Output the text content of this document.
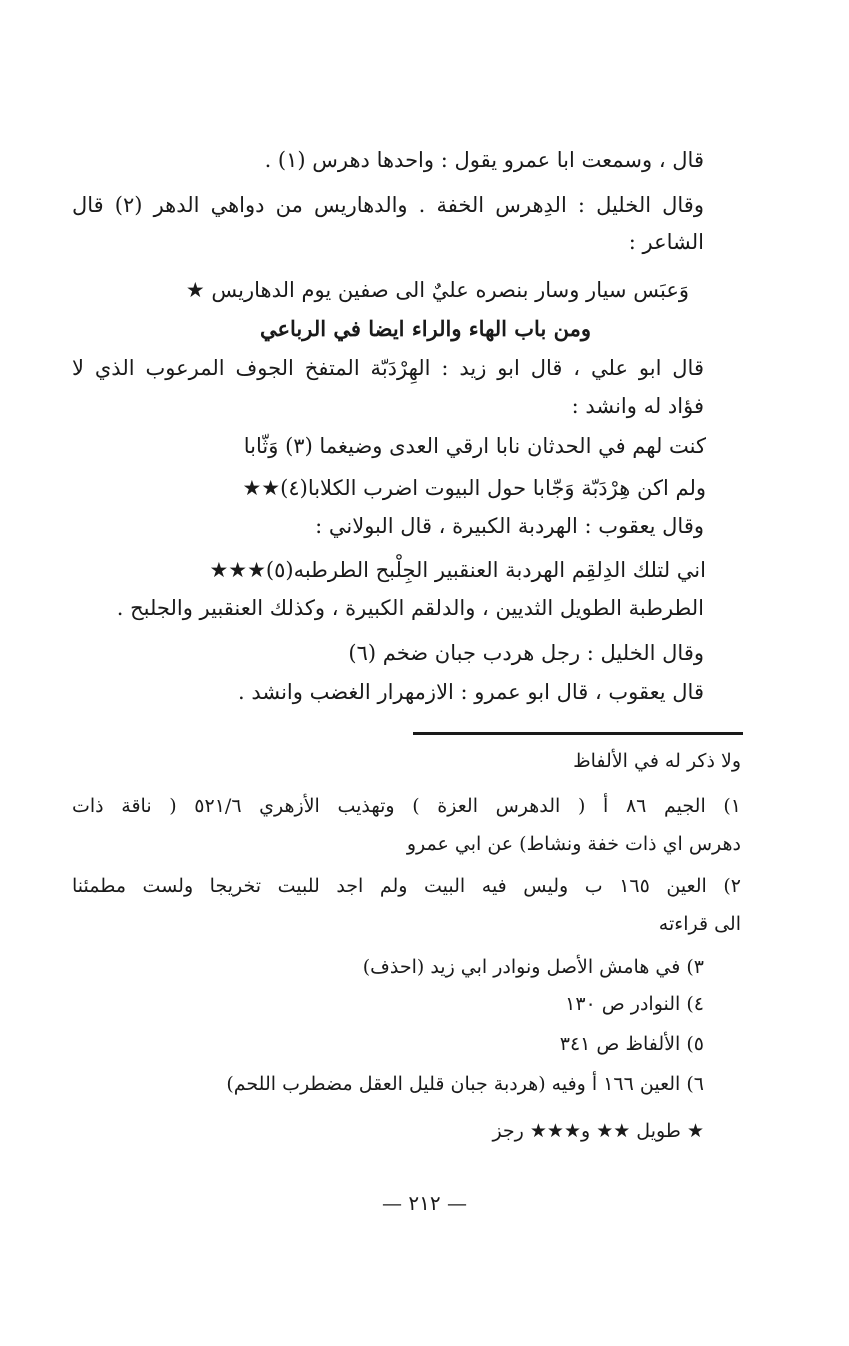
قال ، وسمعت ابا عمرو يقول : واحدها دهرس (١) .
وقال الخليل : الدِهرس الخفة . والدهاريس من دواهي الدهر (٢) قال
الشاعر :
وَعبَس سيار وسار بنصره عليٌ الى صفين يوم الدهاريس ★
ومن باب الهاء والراء ايضا في الرباعي
قال ابو علي ، قال ابو زيد : الهِرْدَبّة المتفخ الجوف المرعوب الذي لا
فؤاد له وانشد :
كنت لهم في الحدثان نابا ارقي العدى وضيغما (٣) وَثّابا
ولم اكن هِرْدَبّة وَجّابا حول البيوت اضرب الكلابا(٤)★★
وقال يعقوب : الهردبة الكبيرة ، قال البولاني :
اني لتلك الدِلقِم الهردبة العنقبير الجِلْبح الطرطبه(٥)★★★
الطرطبة الطويل الثديين ، والدلقم الكبيرة ، وكذلك العنقبير والجلبح .
وقال الخليل : رجل هردب جبان ضخم (٦)
قال يعقوب ، قال ابو عمرو : الازمهرار الغضب وانشد .
ولا ذكر له في الألفاظ
١) الجيم ٨٦ أ ( الدهرس العزة ) وتهذيب الأزهري ٥٢١/٦ ( ناقة ذات
دهرس اي ذات خفة ونشاط) عن ابي عمرو
٢) العين ١٦٥ ب وليس فيه البيت ولم اجد للبيت تخريجا ولست مطمئنا
الى قراءته
٣) في هامش الأصل ونوادر ابي زيد (احذف)
٤) النوادر ص ١٣٠
٥) الألفاظ ص ٣٤١
٦) العين ١٦٦ أ وفيه (هردبة جبان قليل العقل مضطرب اللحم)
★ طويل ★★ و★★★ رجز
— ٢١٢ —
